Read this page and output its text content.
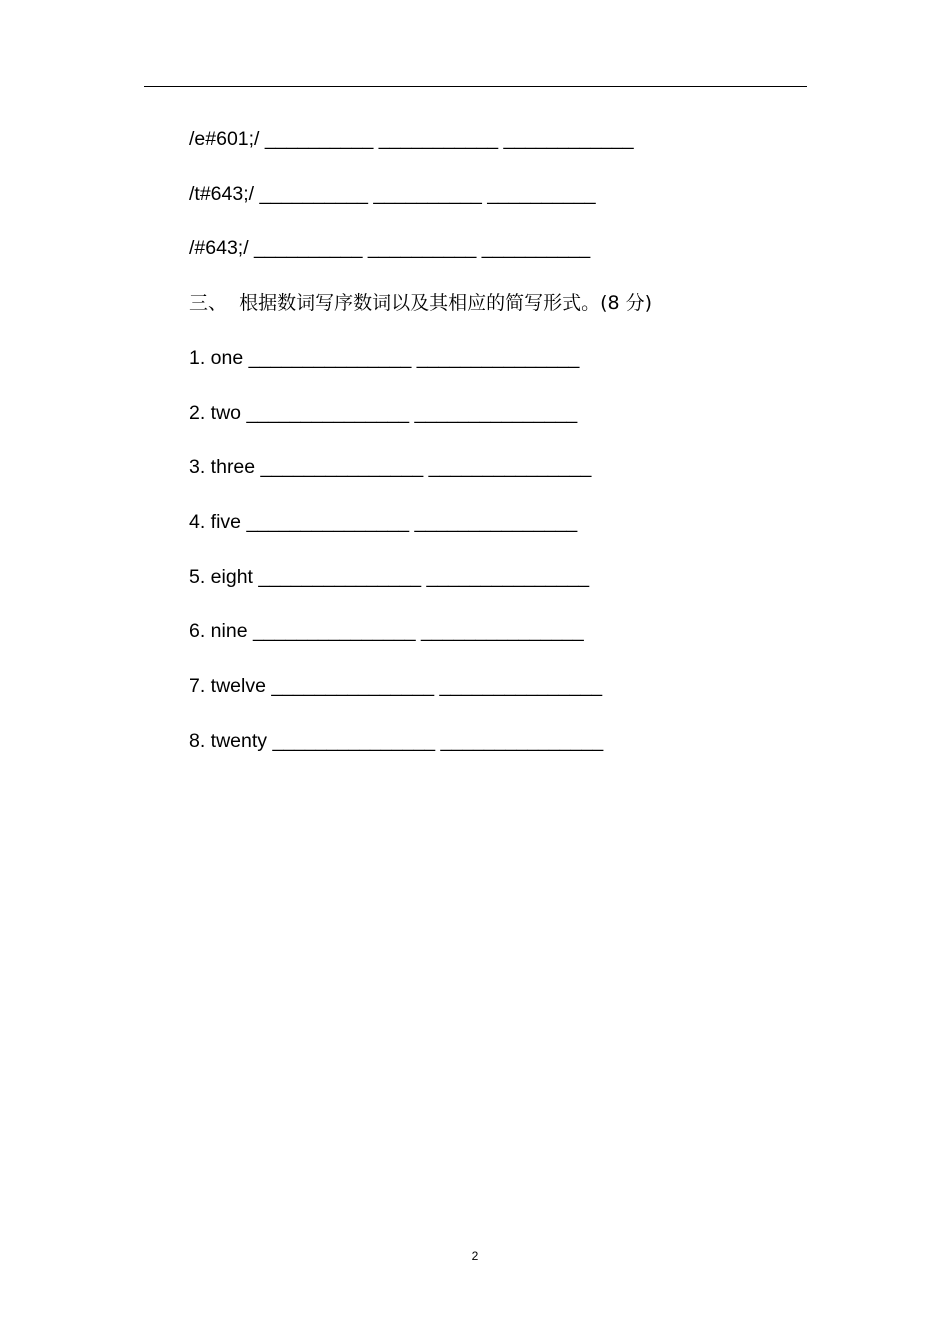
/e#601;/ __________ ___________ ____________
/t#643;/ __________ __________ __________
/#643;/ __________ __________ __________
三、  根据数词写序数词以及其相应的简写形式。(8 分)
1. one _______________ _______________
2. two _______________ _______________
3. three _______________ _______________
4. five _______________ _______________
5. eight _______________ _______________
6. nine _______________ _______________
7. twelve _______________ _______________
8. twenty _______________ _______________
2
